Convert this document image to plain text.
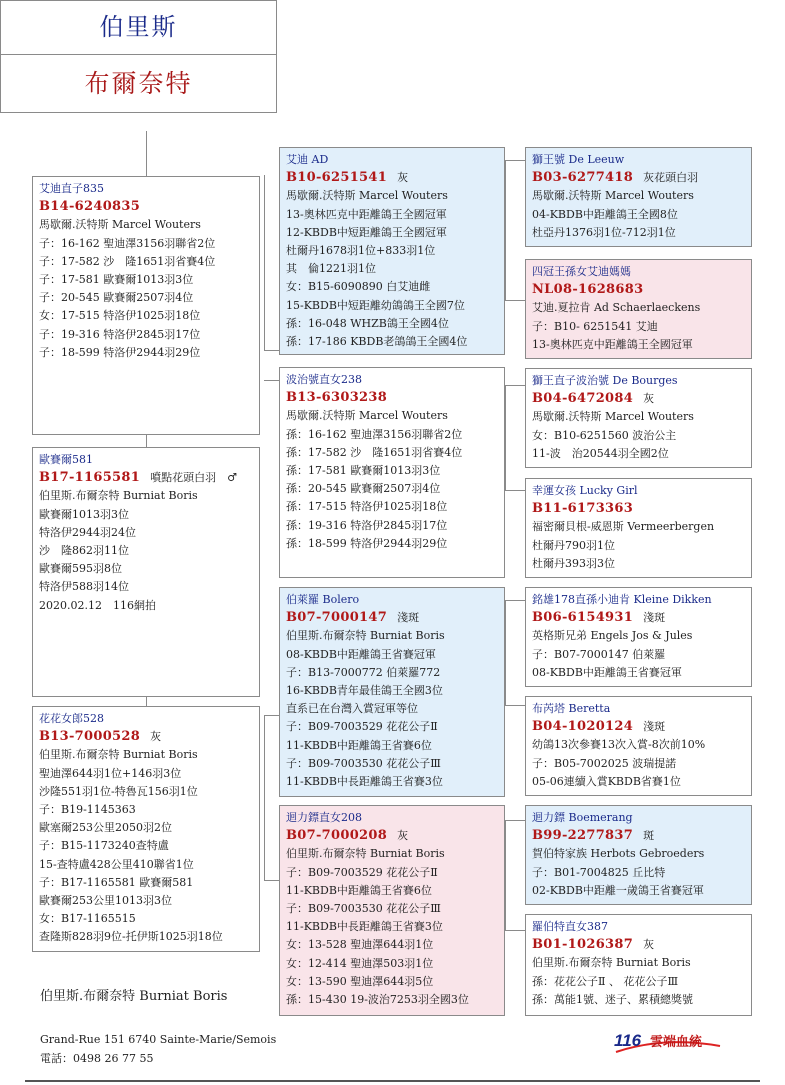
伯里斯
布爾奈特
艾迪直子835
B14-6240835
馬歇爾.沃特斯 Marcel Wouters
子：16-162 聖迪澤3156羽聯省2位
子：17-582 沙　隆1651羽省賽4位
子：17-581 歐賽爾1013羽3位
子：20-545 歐賽爾2507羽4位
女：17-515 特洛伊1025羽18位
子：19-316 特洛伊2845羽17位
子：18-599 特洛伊2944羽29位
歐賽爾581
B17-1165581 噴點花頭白羽　♂
伯里斯.布爾奈特 Burniat Boris
歐賽爾1013羽3位
特洛伊2944羽24位
沙　隆862羽11位
歐賽爾595羽8位
特洛伊588羽14位
2020.02.12　116網拍
花花女郎528
B13-7000528 灰
伯里斯.布爾奈特 Burniat Boris
聖迪澤644羽1位+146羽3位
沙隆551羽1位-特魯瓦156羽1位
子：B19-1145363
歐塞爾253公里2050羽2位
子：B15-1173240查特盧
15-查特盧428公里410聯省1位
子：B17-1165581 歐賽爾581
歐賽爾253公里1013羽3位
女：B17-1165515
查隆斯828羽9位-托伊斯1025羽18位
艾迪 AD
B10-6251541 灰
馬歇爾.沃特斯 Marcel Wouters
13-奧林匹克中距離鴿王全國冠軍
12-KBDB中短距離鴿王全國冠軍
杜爾丹1678羽1位+833羽1位
其　倫1221羽1位
女：B15-6090890 白艾迪雌
15-KBDB中短距離幼鴿鴿王全國7位
孫：16-048 WHZB鴿王全國4位
孫：17-186 KBDB老鴿鴿王全國4位
波治號直女238
B13-6303238
馬歇爾.沃特斯 Marcel Wouters
孫：16-162 聖迪澤3156羽聯省2位
孫：17-582 沙　隆1651羽省賽4位
孫：17-581 歐賽爾1013羽3位
孫：20-545 歐賽爾2507羽4位
孫：17-515 特洛伊1025羽18位
孫：19-316 特洛伊2845羽17位
孫：18-599 特洛伊2944羽29位
伯萊羅 Bolero
B07-7000147 淺斑
伯里斯.布爾奈特 Burniat Boris
08-KBDB中距離鴿王省賽冠軍
子：B13-7000772 伯萊羅772
16-KBDB青年最佳鴿王全國3位
直系已在台灣入賞冠軍等位
子：B09-7003529 花花公子Ⅱ
11-KBDB中距離鴿王省賽6位
子：B09-7003530 花花公子Ⅲ
11-KBDB中長距離鴿王省賽3位
迴力鏢直女208
B07-7000208 灰
伯里斯.布爾奈特 Burniat Boris
子：B09-7003529 花花公子Ⅱ
11-KBDB中距離鴿王省賽6位
子：B09-7003530 花花公子Ⅲ
11-KBDB中長距離鴿王省賽3位
女：13-528 聖迪澤644羽1位
女：12-414 聖迪澤503羽1位
女：13-590 聖迪澤644羽5位
孫：15-430 19-波治7253羽全國3位
獅王號 De Leeuw
B03-6277418 灰花頭白羽
馬歇爾.沃特斯 Marcel Wouters
04-KBDB中距離鴿王全國8位
杜亞丹1376羽1位-712羽1位
四冠王孫女艾迪媽媽
NL08-1628683
艾迪.夏拉肯 Ad Schaerlaeckens
子：B10- 6251541 艾迪
13-奧林匹克中距離鴿王全國冠軍
獅王直子波治號 De Bourges
B04-6472084 灰
馬歇爾.沃特斯 Marcel Wouters
女：B10-6251560 波治公主
11-波　治20544羽全國2位
幸運女孩 Lucky Girl
B11-6173363
福密爾貝根-威恩斯 Vermeerbergen
杜爾丹790羽1位
杜爾丹393羽3位
銘雄178直孫小迪肯 Kleine Dikken
B06-6154931 淺斑
英格斯兄弟 Engels Jos & Jules
子：B07-7000147 伯萊羅
08-KBDB中距離鴿王省賽冠軍
布芮塔 Beretta
B04-1020124 淺斑
幼鴿13次參賽13次入賞-8次前10%
子：B05-7002025 波瑞提諾
05-06連續入賞KBDB省賽1位
迴力鏢 Boemerang
B99-2277837 斑
賀伯特家族 Herbots Gebroeders
子：B01-7004825 丘比特
02-KBDB中距離一歲鴿王省賽冠軍
羅伯特直女387
B01-1026387 灰
伯里斯.布爾奈特 Burniat Boris
孫：花花公子Ⅱ 、 花花公子Ⅲ
孫：萬能1號、迷子、累積總獎號
伯里斯.布爾奈特 Burniat Boris
Grand-Rue 151 6740 Sainte-Marie/Semois
電話：0498 26 77 55
116 雲端血統
